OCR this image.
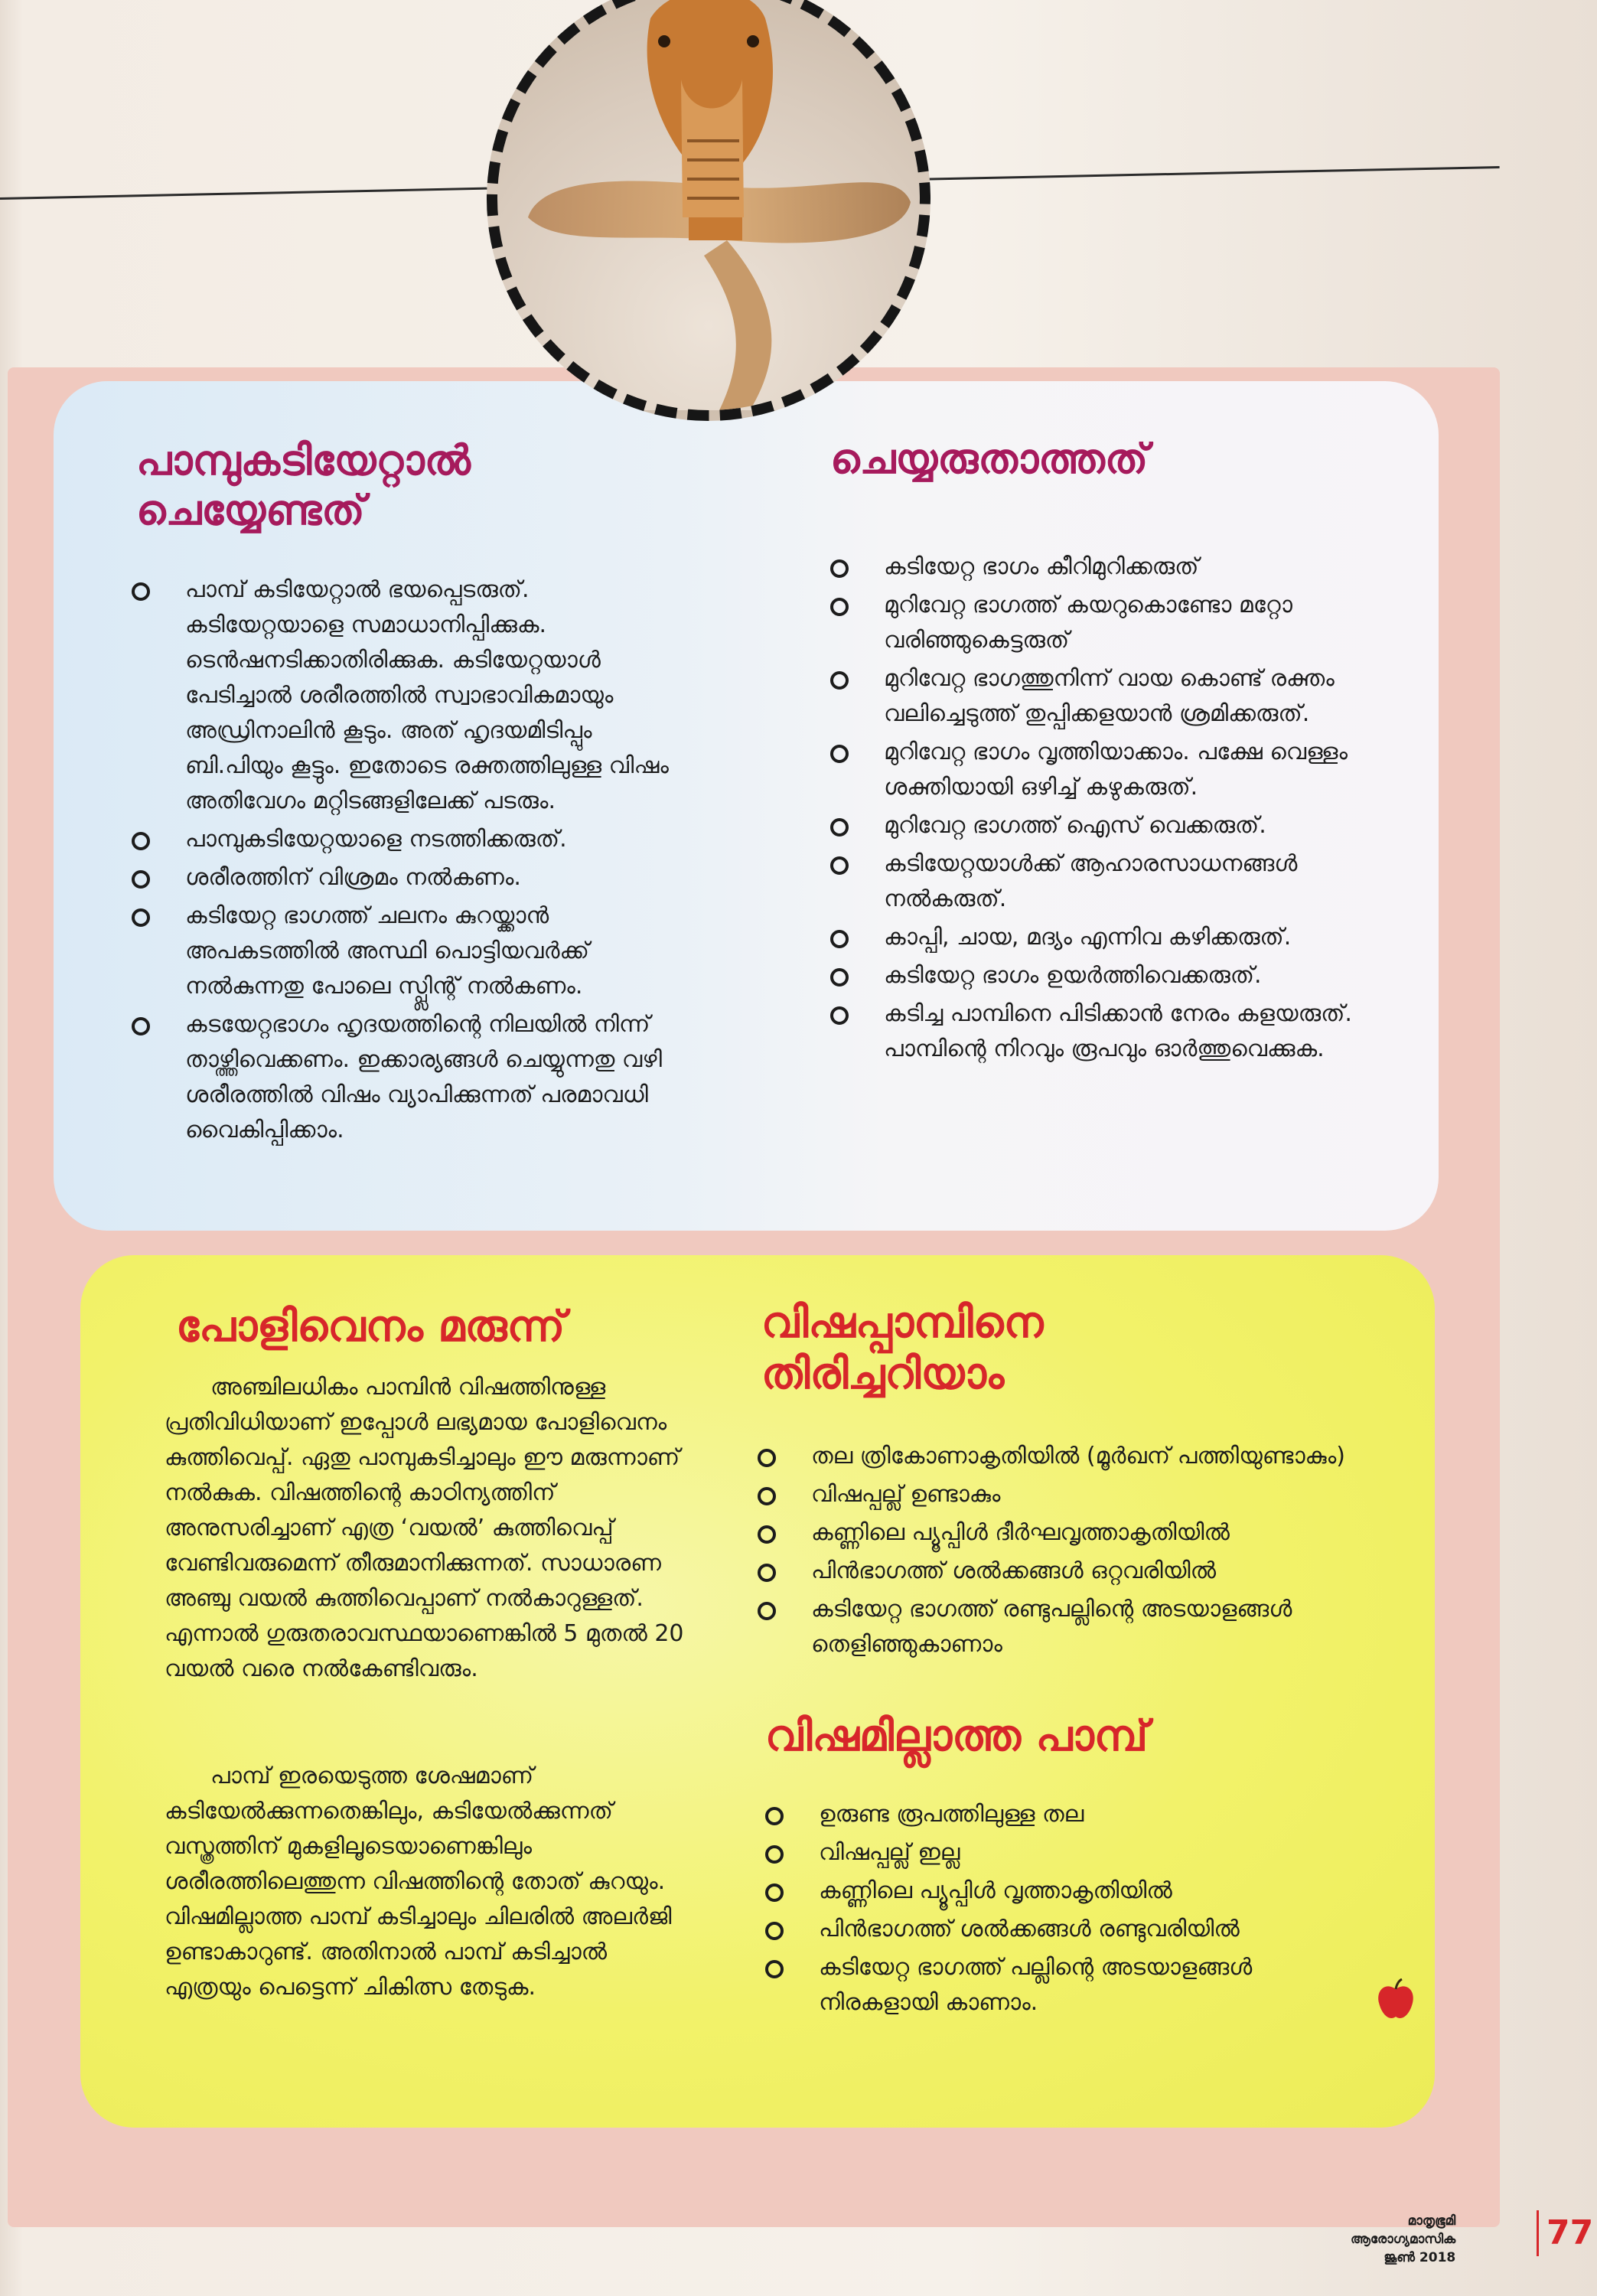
പാമ്പുകടിയേറ്റാൽ
ചെയ്യേണ്ടത്
പാമ്പ് കടിയേറ്റാൽ ഭയപ്പെടരുത്. കടിയേറ്റയാളെ സമാധാനിപ്പിക്കുക. ടെൻഷനടിക്കാതിരിക്കുക. കടിയേറ്റയാൾ പേടിച്ചാൽ ശരീരത്തിൽ സ്വാഭാവികമായും അഡ്രിനാലിൻ കൂടും. അത് ഹൃദയമിടിപ്പും ബി.പിയും കൂട്ടും. ഇതോടെ രക്തത്തിലുള്ള വിഷം അതിവേഗം മറ്റിടങ്ങളിലേക്ക് പടരും.
പാമ്പുകടിയേറ്റയാളെ നടത്തിക്കരുത്.
ശരീരത്തിന് വിശ്രമം നൽകണം.
കടിയേറ്റ ഭാഗത്ത് ചലനം കുറയ്ക്കാൻ അപകടത്തിൽ അസ്ഥി പൊട്ടിയവർക്ക് നൽകുന്നതു പോലെ സ്പ്ലിന്റ് നൽകണം.
കടയേറ്റഭാഗം ഹൃദയത്തിന്റെ നിലയിൽ നിന്ന് താഴ്ത്തിവെക്കണം. ഇക്കാര്യങ്ങൾ ചെയ്യുന്നതു വഴി ശരീരത്തിൽ വിഷം വ്യാപിക്കുന്നത് പരമാവധി വൈകിപ്പിക്കാം.
ചെയ്യരുതാത്തത്
കടിയേറ്റ ഭാഗം കീറിമുറിക്കരുത്
മുറിവേറ്റ ഭാഗത്ത് കയറുകൊണ്ടോ മറ്റോ വരിഞ്ഞുകെട്ടരുത്
മുറിവേറ്റ ഭാഗത്തുനിന്ന് വായ കൊണ്ട് രക്തം വലിച്ചെടുത്ത് തുപ്പിക്കളയാൻ ശ്രമിക്കരുത്.
മുറിവേറ്റ ഭാഗം വൃത്തിയാക്കാം. പക്ഷേ വെള്ളം ശക്തിയായി ഒഴിച്ച് കഴുകരുത്.
മുറിവേറ്റ ഭാഗത്ത് ഐസ് വെക്കരുത്.
കടിയേറ്റയാൾക്ക് ആഹാരസാധനങ്ങൾ നൽകരുത്.
കാപ്പി, ചായ, മദ്യം എന്നിവ കഴിക്കരുത്.
കടിയേറ്റ ഭാഗം ഉയർത്തിവെക്കരുത്.
കടിച്ച പാമ്പിനെ പിടിക്കാൻ നേരം കളയരുത്. പാമ്പിന്റെ നിറവും രൂപവും ഓർത്തുവെക്കുക.
പോളിവെനം മരുന്ന്

അഞ്ചിലധികം പാമ്പിൻ വിഷത്തിനുള്ള പ്രതിവിധിയാണ് ഇപ്പോൾ ലഭ്യമായ പോളിവെനം കുത്തിവെപ്പ്. ഏതു പാമ്പുകടിച്ചാലും ഈ മരുന്നാണ് നൽകുക. വിഷത്തിന്റെ കാഠിന്യത്തിന് അനുസരിച്ചാണ് എത്ര ‘വയൽ’ കുത്തിവെപ്പ് വേണ്ടിവരുമെന്ന് തീരുമാനിക്കുന്നത്. സാധാരണ അഞ്ചു വയൽ കുത്തിവെപ്പാണ് നൽകാറുള്ളത്. എന്നാൽ ഗുരുതരാവസ്ഥയാണെങ്കിൽ 5 മുതൽ 20 വയൽ വരെ നൽകേണ്ടിവരും.

പാമ്പ് ഇരയെടുത്ത ശേഷമാണ് കടിയേൽക്കുന്നതെങ്കിലും, കടിയേൽക്കുന്നത് വസ്ത്രത്തിന് മുകളിലൂടെയാണെങ്കിലും ശരീരത്തിലെത്തുന്ന വിഷത്തിന്റെ തോത് കുറയും. വിഷമില്ലാത്ത പാമ്പ് കടിച്ചാലും ചിലരിൽ അലർജി ഉണ്ടാകാറുണ്ട്. അതിനാൽ പാമ്പ് കടിച്ചാൽ എത്രയും പെട്ടെന്ന് ചികിത്സ തേടുക.

വിഷപ്പാമ്പിനെ
തിരിച്ചറിയാം
തല ത്രികോണാകൃതിയിൽ (മൂർഖന് പത്തിയുണ്ടാകും)
വിഷപ്പല്ല് ഉണ്ടാകും
കണ്ണിലെ പ്യൂപ്പിൾ ദീർഘവൃത്താകൃതിയിൽ
പിൻഭാഗത്ത് ശൽക്കങ്ങൾ ഒറ്റവരിയിൽ
കടിയേറ്റ ഭാഗത്ത് രണ്ടുപല്ലിന്റെ അടയാളങ്ങൾ തെളിഞ്ഞുകാണാം
വിഷമില്ലാത്ത പാമ്പ്
ഉരുണ്ട രൂപത്തിലുള്ള തല
വിഷപ്പല്ല് ഇല്ല
കണ്ണിലെ പ്യൂപ്പിൾ വൃത്താകൃതിയിൽ
പിൻഭാഗത്ത് ശൽക്കങ്ങൾ രണ്ടുവരിയിൽ
കടിയേറ്റ ഭാഗത്ത് പല്ലിന്റെ അടയാളങ്ങൾ നിരകളായി കാണാം.
മാതൃഭൂമി
ആരോഗ്യമാസിക
ജൂൺ 2018
77
